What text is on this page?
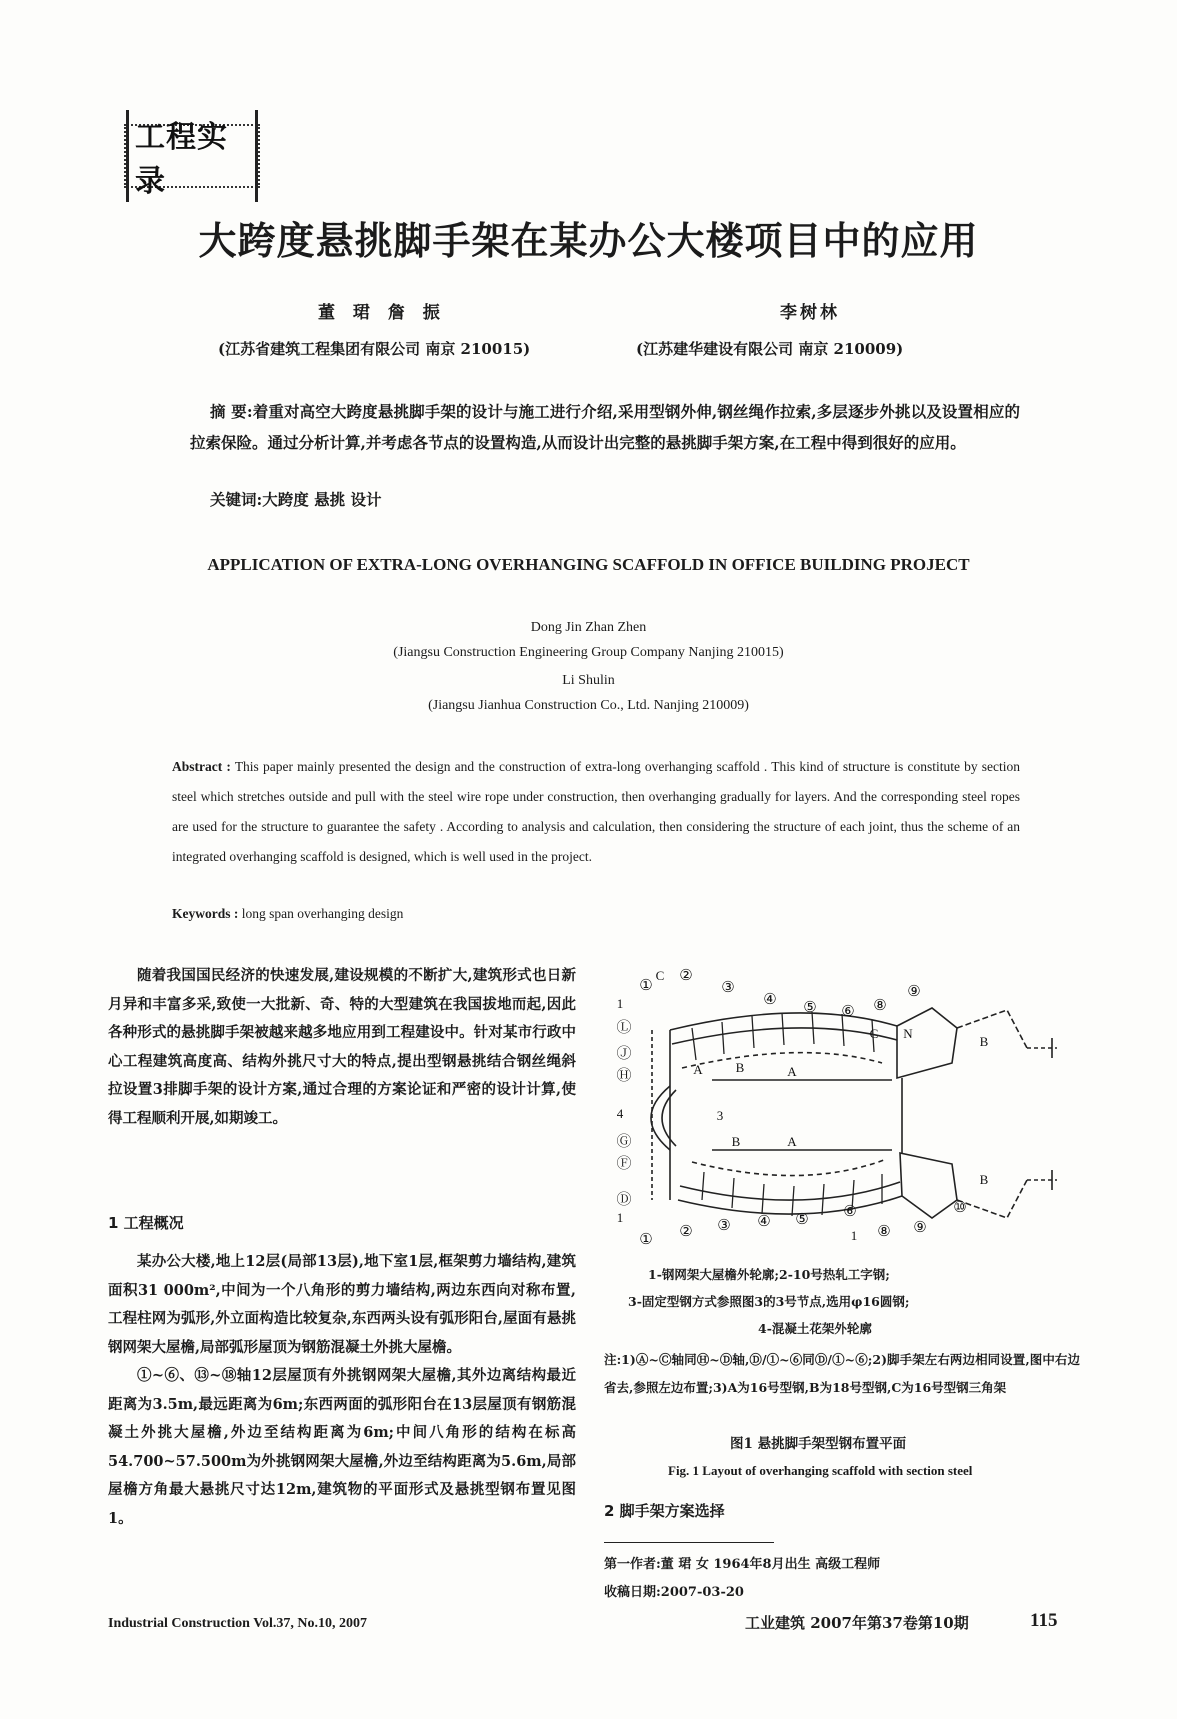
工程实录
大跨度悬挑脚手架在某办公大楼项目中的应用
董 珺 詹 振	李树林
(江苏省建筑工程集团有限公司 南京 210015)	(江苏建华建设有限公司 南京 210009)
摘 要:着重对高空大跨度悬挑脚手架的设计与施工进行介绍,采用型钢外伸,钢丝绳作拉索,多层逐步外挑以及设置相应的拉索保险。通过分析计算,并考虑各节点的设置构造,从而设计出完整的悬挑脚手架方案,在工程中得到很好的应用。
关键词:大跨度 悬挑 设计
APPLICATION OF EXTRA-LONG OVERHANGING SCAFFOLD IN OFFICE BUILDING PROJECT
Dong Jin Zhan Zhen
(Jiangsu Construction Engineering Group Company Nanjing 210015)
Li Shulin
(Jiangsu Jianhua Construction Co., Ltd. Nanjing 210009)
Abstract : This paper mainly presented the design and the construction of extra-long overhanging scaffold . This kind of structure is constitute by section steel which stretches outside and pull with the steel wire rope under construction, then overhanging gradually for layers. And the corresponding steel ropes are used for the structure to guarantee the safety . According to analysis and calculation, then considering the structure of each joint, thus the scheme of an integrated overhanging scaffold is designed, which is well used in the project.
Keywords : long span overhanging design

随着我国国民经济的快速发展,建设规模的不断扩大,建筑形式也日新月异和丰富多采,致使一大批新、奇、特的大型建筑在我国拔地而起,因此各种形式的悬挑脚手架被越来越多地应用到工程建设中。针对某市行政中心工程建筑高度高、结构外挑尺寸大的特点,提出型钢悬挑结合钢丝绳斜拉设置3排脚手架的设计方案,通过合理的方案论证和严密的设计计算,使得工程顺利开展,如期竣工。

1 工程概况

某办公大楼,地上12层(局部13层),地下室1层,框架剪力墙结构,建筑面积31 000m²,中间为一个八角形的剪力墙结构,两边东西向对称布置,工程柱网为弧形,外立面构造比较复杂,东西两头设有弧形阳台,屋面有悬挑钢网架大屋檐,局部弧形屋顶为钢筋混凝土外挑大屋檐。

①~⑥、⑬~⑱轴12层屋顶有外挑钢网架大屋檐,其外边离结构最近距离为3.5m,最远距离为6m;东西两面的弧形阳台在13层屋顶有钢筋混凝土外挑大屋檐,外边至结构距离为6m;中间八角形的结构在标高54.700~57.500m为外挑钢网架大屋檐,外边至结构距离为5.6m,局部屋檐方角最大悬挑尺寸达12m,建筑物的平面形式及悬挑型钢布置见图1。

①
②
③
④ ⑤ ⑥ ⑧
⑨
① ② ③ ④ ⑤ ⑥
⑧ ⑨
⑩
Ⓛ
Ⓙ
Ⓗ
Ⓖ
Ⓕ
Ⓓ
A	A
A
B
B
B
B
C
C N
1
1
1
3
4
1-钢网架大屋檐外轮廓;2-10号热轧工字钢;
3-固定型钢方式参照图3的3号节点,选用φ16圆钢;
4-混凝土花架外轮廓
注:1)Ⓐ~Ⓒ轴同Ⓗ~Ⓓ轴,Ⓓ/①~⑥同Ⓓ/①~⑥;2)脚手架左右两边相同设置,图中右边省去,参照左边布置;3)A为16号型钢,B为18号型钢,C为16号型钢三角架
图1 悬挑脚手架型钢布置平面
Fig. 1 Layout of overhanging scaffold with section steel
2 脚手架方案选择
第一作者:董 珺 女 1964年8月出生 高级工程师
收稿日期:2007-03-20
Industrial Construction Vol.37, No.10, 2007	工业建筑 2007年第37卷第10期	115
